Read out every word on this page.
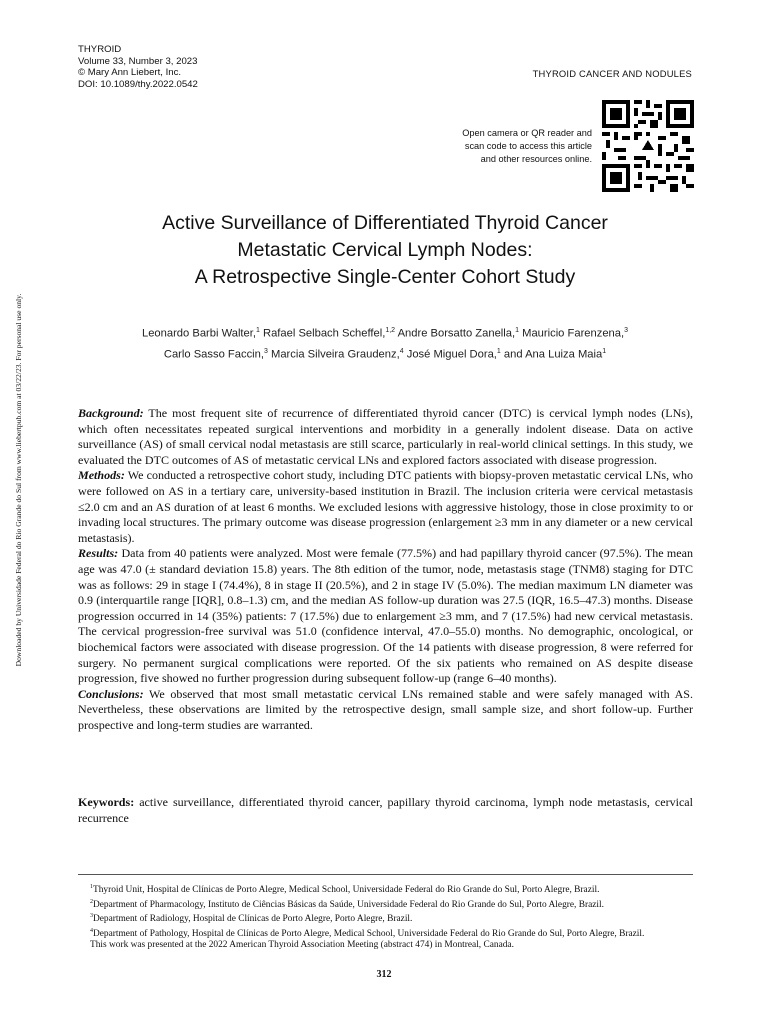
THYROID
Volume 33, Number 3, 2023
© Mary Ann Liebert, Inc.
DOI: 10.1089/thy.2022.0542
THYROID CANCER AND NODULES
Open camera or QR reader and
scan code to access this article
and other resources online.
Active Surveillance of Differentiated Thyroid Cancer
Metastatic Cervical Lymph Nodes:
A Retrospective Single-Center Cohort Study
Leonardo Barbi Walter,$^1$ Rafael Selbach Scheffel,$^{1,2}$ Andre Borsatto Zanella,$^1$ Mauricio Farenzena,$^3$
Carlo Sasso Faccin,$^3$ Marcia Silveira Graudenz,$^4$ José Miguel Dora,$^1$ and Ana Luiza Maia$^1$

Background: The most frequent site of recurrence of differentiated thyroid cancer (DTC) is cervical lymph nodes (LNs), which often necessitates repeated surgical interventions and morbidity in a generally indolent disease. Data on active surveillance (AS) of small cervical nodal metastasis are still scarce, particularly in real-world clinical settings. In this study, we evaluated the DTC outcomes of AS of metastatic cervical LNs and explored factors associated with disease progression.

Methods: We conducted a retrospective cohort study, including DTC patients with biopsy-proven metastatic cervical LNs, who were followed on AS in a tertiary care, university-based institution in Brazil. The inclusion criteria were cervical metastasis ≤2.0 cm and an AS duration of at least 6 months. We excluded lesions with aggressive histology, those in close proximity to or invading local structures. The primary outcome was disease progression (enlargement ≥3 mm in any diameter or a new cervical metastasis).

Results: Data from 40 patients were analyzed. Most were female (77.5%) and had papillary thyroid cancer (97.5%). The mean age was 47.0 (± standard deviation 15.8) years. The 8th edition of the tumor, node, metastasis stage (TNM8) staging for DTC was as follows: 29 in stage I (74.4%), 8 in stage II (20.5%), and 2 in stage IV (5.0%). The median maximum LN diameter was 0.9 (interquartile range [IQR], 0.8–1.3) cm, and the median AS follow-up duration was 27.5 (IQR, 16.5–47.3) months. Disease progression occurred in 14 (35%) patients: 7 (17.5%) due to enlargement ≥3 mm, and 7 (17.5%) had new cervical metastasis. The cervical progression-free survival was 51.0 (confidence interval, 47.0–55.0) months. No demographic, oncological, or biochemical factors were associated with disease progression. Of the 14 patients with disease progression, 8 were referred for surgery. No permanent surgical complications were reported. Of the six patients who remained on AS despite disease progression, five showed no further progression during subsequent follow-up (range 6–40 months).

Conclusions: We observed that most small metastatic cervical LNs remained stable and were safely managed with AS. Nevertheless, these observations are limited by the retrospective design, small sample size, and short follow-up. Further prospective and long-term studies are warranted.

Keywords: active surveillance, differentiated thyroid cancer, papillary thyroid carcinoma, lymph node metastasis, cervical recurrence

$^1$Thyroid Unit, Hospital de Clínicas de Porto Alegre, Medical School, Universidade Federal do Rio Grande do Sul, Porto Alegre, Brazil.

$^2$Department of Pharmacology, Instituto de Ciências Básicas da Saúde, Universidade Federal do Rio Grande do Sul, Porto Alegre, Brazil.

$^3$Department of Radiology, Hospital de Clínicas de Porto Alegre, Porto Alegre, Brazil.

$^4$Department of Pathology, Hospital de Clínicas de Porto Alegre, Medical School, Universidade Federal do Rio Grande do Sul, Porto Alegre, Brazil.

This work was presented at the 2022 American Thyroid Association Meeting (abstract 474) in Montreal, Canada.

312
Downloaded by Universidade Federal do Rio Grande do Sul from www.liebertpub.com at 03/22/23. For personal use only.
